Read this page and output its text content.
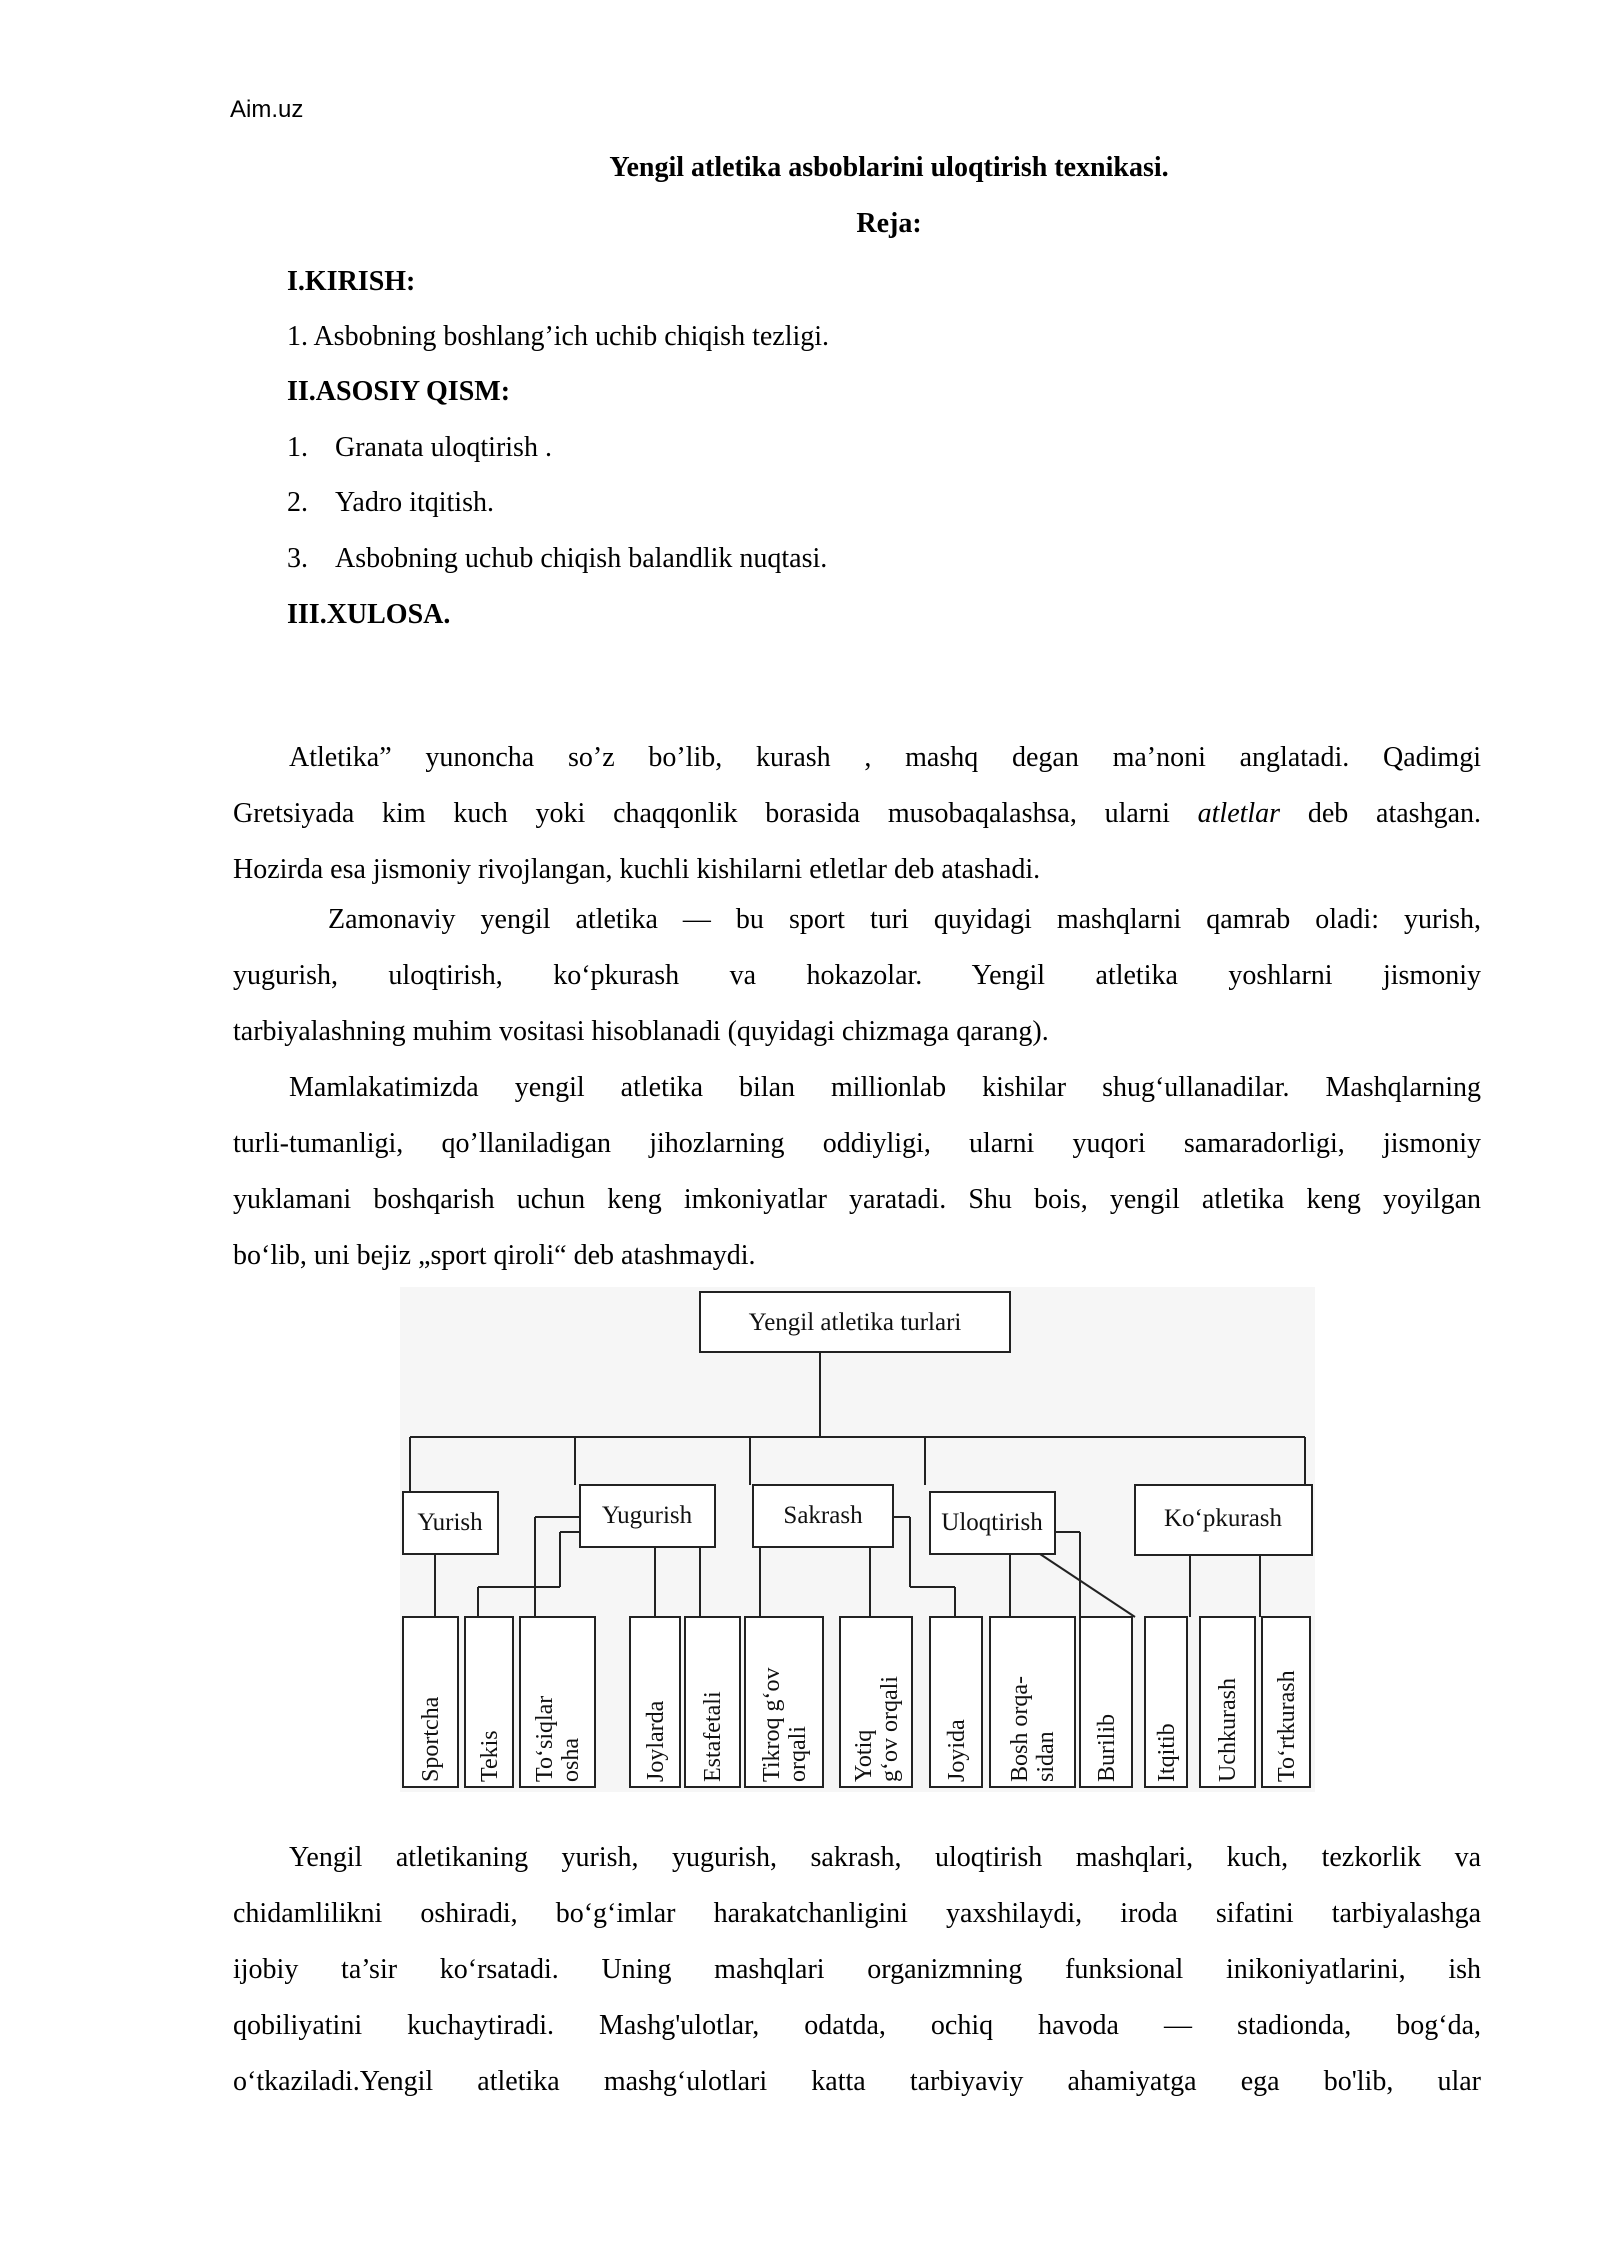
Aim.uz
Yengil atletika asboblarini uloqtirish texnikasi.
Reja:
I.KIRISH:
1. Asbobning boshlang’ich uchib chiqish tezligi.
II.ASOSIY QISM:
1. Granata uloqtirish .
2. Yadro itqitish.
3. Asbobning uchub chiqish balandlik nuqtasi.
III.XULOSA.
Atletika” yunoncha so’z bo’lib, kurash , mashq degan ma’noni anglatadi. Qadimgi
Gretsiyada kim kuch yoki chaqqonlik borasida musobaqalashsa, ularni atletlar deb atashgan.
Hozirda esa jismoniy rivojlangan, kuchli kishilarni etletlar deb atashadi.
Zamonaviy yengil atletika — bu sport turi quyidagi mashqlarni qamrab oladi: yurish,
yugurish, uloqtirish, ko‘pkurash va hokazolar. Yengil atletika yoshlarni jismoniy
tarbiyalashning muhim vositasi hisoblanadi (quyidagi chizmaga qarang).
Mamlakatimizda yengil atletika bilan millionlab kishilar shug‘ullanadilar. Mashqlarning
turli-tumanligi, qo’llaniladigan jihozlarning oddiyligi, ularni yuqori samaradorligi, jismoniy
yuklamani boshqarish uchun keng imkoniyatlar yaratadi. Shu bois, yengil atletika keng yoyilgan
bo‘lib, uni bejiz „sport qiroli“ deb atashmaydi.
Yengil atletika turlari
Yurish	Yugurish	Sakrash	Uloqtirish	Ko‘pkurash
Sportcha Tekis To‘siqlar osha Joylarda Estafetali Tikroq g‘ov orqali Yotiq g‘ov orqali Joyida Bosh orqa- sidan Burilib Itqitib Uchkurash To‘rtkurash
Yengil atletikaning yurish, yugurish, sakrash, uloqtirish mashqlari, kuch, tezkorlik va
chidamlilikni oshiradi, bo‘g‘imlar harakatchanligini yaxshilaydi, iroda sifatini tarbiyalashga
ijobiy ta’sir ko‘rsatadi. Uning mashqlari organizmning funksional inikoniyatlarini, ish
qobiliyatini kuchaytiradi. Mashg'ulotlar, odatda, ochiq havoda — stadionda, bog‘da,
o‘tkaziladi.Yengil atletika mashg‘ulotlari katta tarbiyaviy ahamiyatga ega bo'lib, ular
